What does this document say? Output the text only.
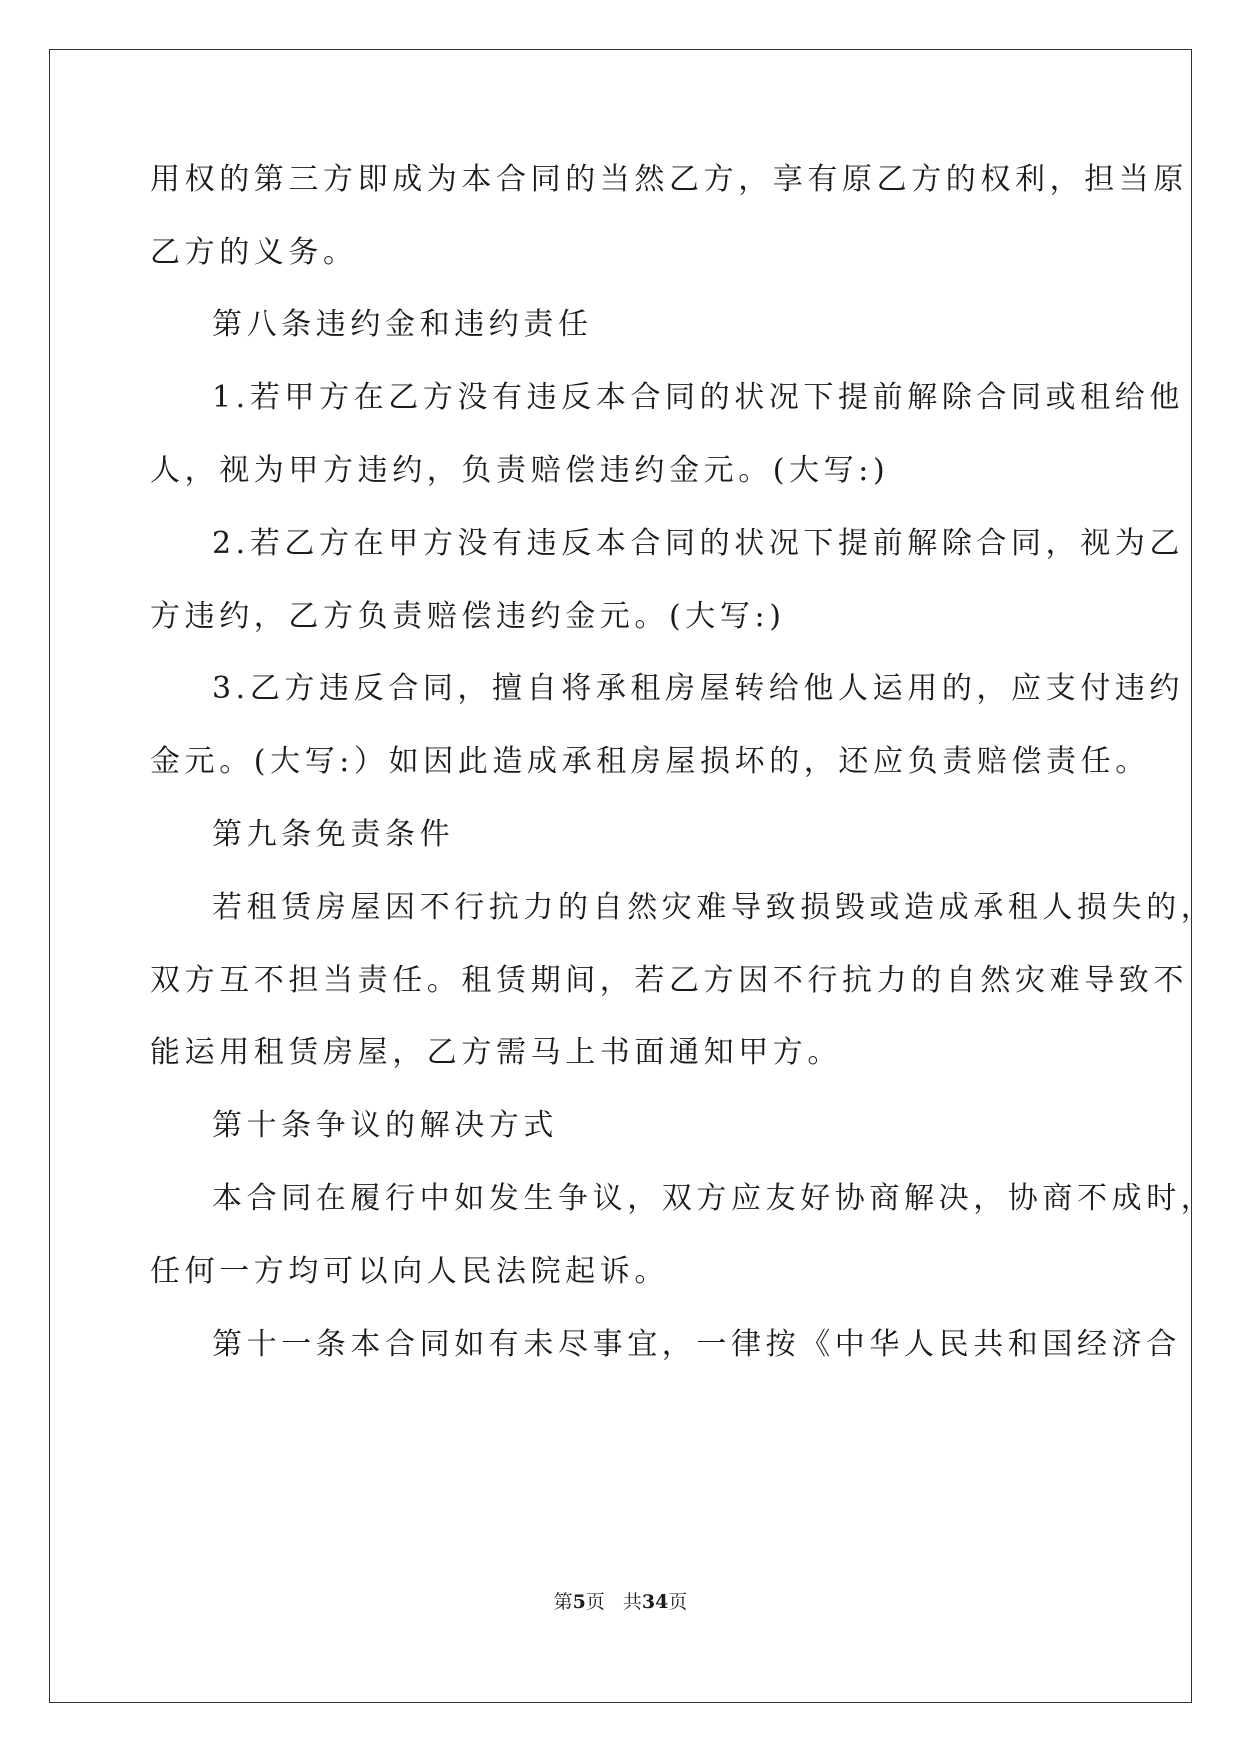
用权的第三方即成为本合同的当然乙方，享有原乙方的权利，担当原
乙方的义务。
第八条违约金和违约责任
1.若甲方在乙方没有违反本合同的状况下提前解除合同或租给他
人，视为甲方违约，负责赔偿违约金元。(大写:)
2.若乙方在甲方没有违反本合同的状况下提前解除合同，视为乙
方违约，乙方负责赔偿违约金元。(大写:)
3.乙方违反合同，擅自将承租房屋转给他人运用的，应支付违约
金元。(大写:）如因此造成承租房屋损坏的，还应负责赔偿责任。
第九条免责条件
若租赁房屋因不行抗力的自然灾难导致损毁或造成承租人损失的，
双方互不担当责任。租赁期间，若乙方因不行抗力的自然灾难导致不
能运用租赁房屋，乙方需马上书面通知甲方。
第十条争议的解决方式
本合同在履行中如发生争议，双方应友好协商解决，协商不成时，
任何一方均可以向人民法院起诉。
第十一条本合同如有未尽事宜，一律按《中华人民共和国经济合
第5页 共34页
